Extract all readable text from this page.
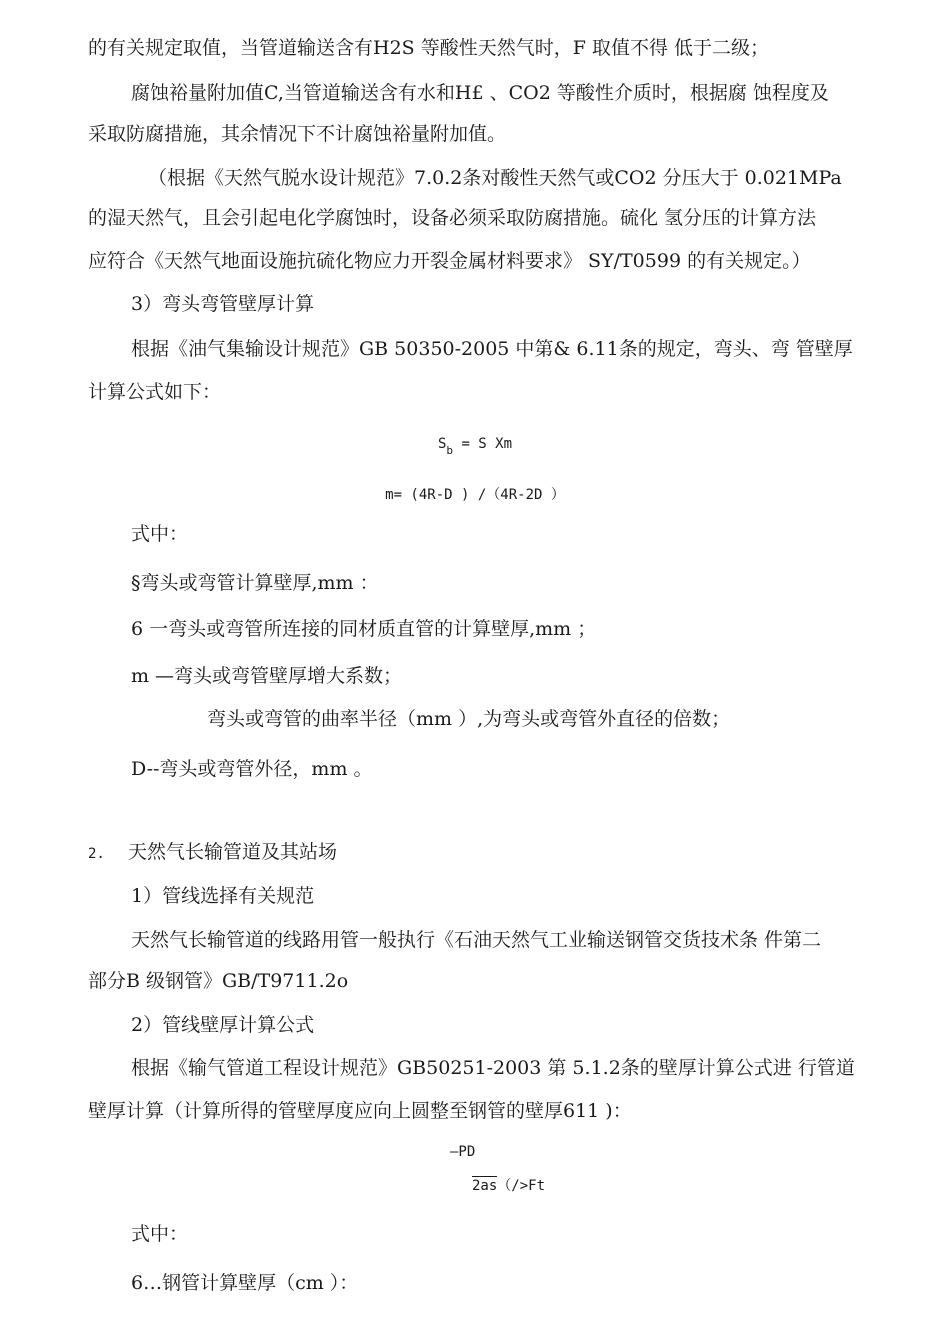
的有关规定取值，当管道输送含有H2S 等酸性天然气时，F 取值不得 低于二级；
腐蚀裕量附加值C,当管道输送含有水和H£ 、CO2 等酸性介质时，根据腐 蚀程度及
采取防腐措施，其余情况下不计腐蚀裕量附加值。
（根据《天然气脱水设计规范》7.0.2条对酸性天然气或CO2 分压大于 0.021MPa
的湿天然气，且会引起电化学腐蚀时，设备必须采取防腐措施。硫化 氢分压的计算方法
应符合《天然气地面设施抗硫化物应力开裂金属材料要求》 SY/T0599 的有关规定。）
3）弯头弯管壁厚计算
根据《油气集输设计规范》GB 50350-2005 中第& 6.11条的规定，弯头、弯 管壁厚
计算公式如下：
$S_b = S$ Xm
m= (4R-D ) /（4R-2D ）
式中：
§弯头或弯管计算壁厚,mm ：
6 一弯头或弯管所连接的同材质直管的计算壁厚,mm ；
m —弯头或弯管壁厚增大系数；
弯头或弯管的曲率半径（mm ）,为弯头或弯管外直径的倍数；
D--弯头或弯管外径，mm 。
2. 天然气长输管道及其站场
1）管线选择有关规范
天然气长输管道的线路用管一般执行《石油天然气工业输送钢管交货技术条 件第二
部分B 级钢管》GB/T9711.2o
2）管线壁厚计算公式
根据《输气管道工程设计规范》GB50251-2003 第 5.1.2条的壁厚计算公式进 行管道
壁厚计算（计算所得的管壁厚度应向上圆整至钢管的壁厚611 )：
—PD
2as（/>Ft
式中：
6…钢管计算壁厚（cm ）：
